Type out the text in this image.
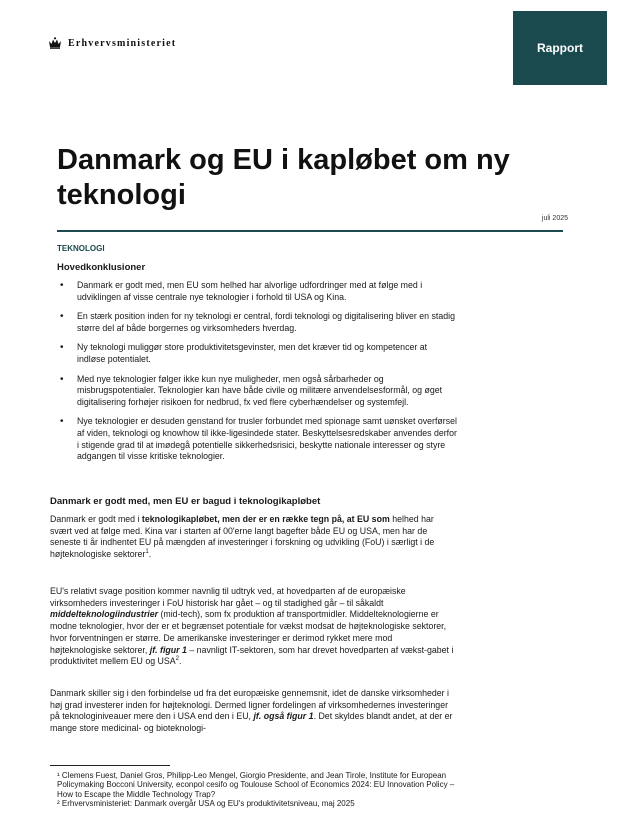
Erhvervsministeriet	Rapport
Danmark og EU i kapløbet om ny teknologi
juli 2025
TEKNOLOGI
Hovedkonklusioner
• Danmark er godt med, men EU som helhed har alvorlige udfordringer med at følge med i udviklingen af visse centrale nye teknologier i forhold til USA og Kina.
• En stærk position inden for ny teknologi er central, fordi teknologi og digitalisering bliver en stadig større del af både borgernes og virksomheders hverdag.
• Ny teknologi muliggør store produktivitetsgevinster, men det kræver tid og kompetencer at indløse potentialet.
• Med nye teknologier følger ikke kun nye muligheder, men også sårbarheder og misbrugspotentialer. Teknologier kan have både civile og militære anvendelsesformål, og øget digitalisering forhøjer risikoen for nedbrud, fx ved flere cyberhændelser og systemfejl.
• Nye teknologier er desuden genstand for trusler forbundet med spionage samt uønsket overførsel af viden, teknologi og knowhow til ikke-ligesindede stater. Beskyttelsesredskaber anvendes derfor i stigende grad til at imødegå potentielle sikkerhedsrisici, beskytte nationale interesser og styre adgangen til visse kritiske teknologier.
Danmark er godt med, men EU er bagud i teknologikapløbet

Danmark er godt med i teknologikapløbet, men der er en række tegn på, at EU som helhed har svært ved at følge med. Kina var i starten af 00'erne langt bagefter både EU og USA, men har de seneste ti år indhentet EU på mængden af investeringer i forskning og udvikling (FoU) i særligt i de højteknologiske sektorer$^1$.

EU's relativt svage position kommer navnlig til udtryk ved, at hovedparten af de europæiske virksomheders investeringer i FoU historisk har gået – og til stadighed går – til såkaldt middelteknologiindustrier (mid-tech), som fx produktion af transportmidler. Middelteknologierne er modne teknologier, hvor der er et begrænset potentiale for vækst modsat de højteknologiske sektorer, hvor forventningen er større. De amerikanske investeringer er derimod rykket mere mod højteknologiske sektorer, jf. figur 1 – navnligt IT-sektoren, som har drevet hovedparten af vækst-gabet i produktivitet mellem EU og USA$^2$.

Danmark skiller sig i den forbindelse ud fra det europæiske gennemsnit, idet de danske virksomheder i høj grad investerer inden for højteknologi. Dermed ligner fordelingen af virksomhedernes investeringer på teknologiniveauer mere den i USA end den i EU, jf. også figur 1. Det skyldes blandt andet, at der er mange store medicinal- og bioteknologi-

¹ Clemens Fuest, Daniel Gros, Philipp-Leo Mengel, Giorgio Presidente, and Jean Tirole, Institute for European Policymaking Bocconi University, econpol cesifo og Toulouse School of Economics 2024: EU Innovation Policy – How to Escape the Middle Technology Trap?

² Erhvervsministeriet: Danmark overgår USA og EU's produktivitetsniveau, maj 2025
